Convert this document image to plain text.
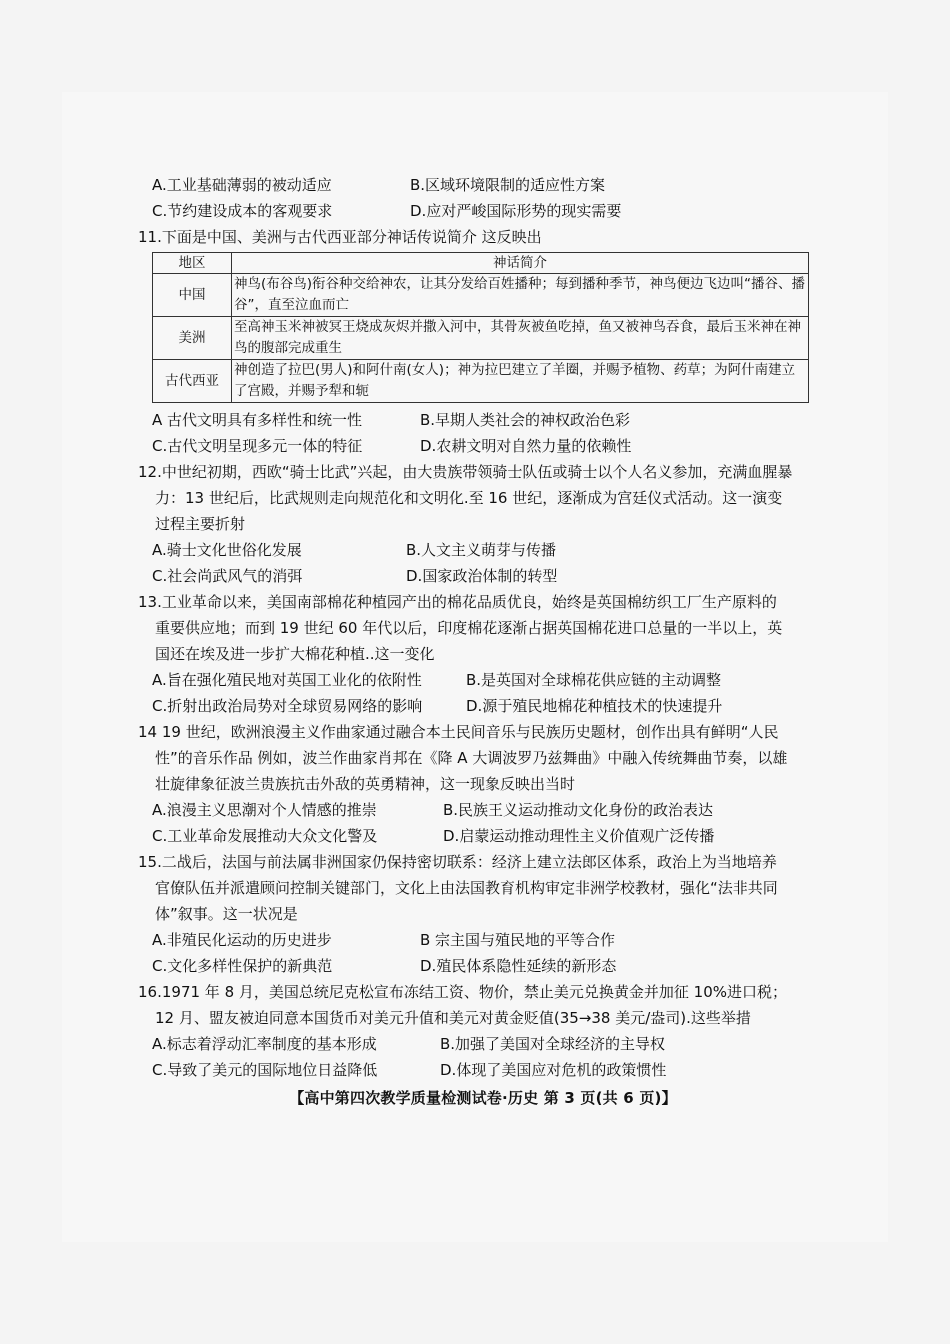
A.工业基础薄弱的被动适应	B.区域环境限制的适应性方案
C.节约建设成本的客观要求	D.应对严峻国际形势的现实需要
11.下面是中国、美洲与古代西亚部分神话传说简介 这反映出
地区	神话简介
中国	神鸟(布谷鸟)衔谷种交给神农，让其分发给百姓播种；每到播种季节，神鸟便边飞边叫“播谷、播谷”，直至泣血而亡
美洲	至高神玉米神被冥王烧成灰烬并撒入河中，其骨灰被鱼吃掉，鱼又被神鸟吞食，最后玉米神在神鸟的腹部完成重生
古代西亚	神创造了拉巴(男人)和阿什南(女人)；神为拉巴建立了羊圈，并赐予植物、药草；为阿什南建立了宫殿，并赐予犁和轭
A 古代文明具有多样性和统一性	B.早期人类社会的神权政治色彩
C.古代文明呈现多元一体的特征	D.农耕文明对自然力量的依赖性
12.中世纪初期，西欧“骑士比武”兴起，由大贵族带领骑士队伍或骑士以个人名义参加，充满血腥暴
力：13 世纪后，比武规则走向规范化和文明化.至 16 世纪，逐渐成为宫廷仪式活动。这一演变
过程主要折射
A.骑士文化世俗化发展	B.人文主义萌芽与传播
C.社会尚武风气的消弭	D.国家政治体制的转型
13.工业革命以来，美国南部棉花种植园产出的棉花品质优良，始终是英国棉纺织工厂生产原料的
重要供应地；而到 19 世纪 60 年代以后，印度棉花逐渐占据英国棉花进口总量的一半以上，英
国还在埃及进一步扩大棉花种植..这一变化
A.旨在强化殖民地对英国工业化的依附性	B.是英国对全球棉花供应链的主动调整
C.折射出政治局势对全球贸易网络的影响	D.源于殖民地棉花种植技术的快速提升
14 19 世纪，欧洲浪漫主义作曲家通过融合本土民间音乐与民族历史题材，创作出具有鲜明“人民
性”的音乐作品 例如，波兰作曲家肖邦在《降 A 大调波罗乃兹舞曲》中融入传统舞曲节奏，以雄
壮旋律象征波兰贵族抗击外敌的英勇精神，这一现象反映出当时
A.浪漫主义思潮对个人情感的推崇	B.民族王义运动推动文化身份的政治表达
C.工业革命发展推动大众文化警及	D.启蒙运动推动理性主义价值观广泛传播
15.二战后，法国与前法属非洲国家仍保持密切联系：经济上建立法郎区体系，政治上为当地培养
官僚队伍并派遣顾问控制关键部门，文化上由法国教育机构审定非洲学校教材，强化“法非共同
体”叙事。这一状况是
A.非殖民化运动的历史进步	B 宗主国与殖民地的平等合作
C.文化多样性保护的新典范	D.殖民体系隐性延续的新形态
16.1971 年 8 月，美国总统尼克松宣布冻结工资、物价，禁止美元兑换黄金并加征 10%进口税；
12 月、盟友被迫同意本国货币对美元升值和美元对黄金贬值(35→38 美元/盎司).这些举措
A.标志着浮动汇率制度的基本形成	B.加强了美国对全球经济的主导权
C.导致了美元的国际地位日益降低	D.体现了美国应对危机的政策惯性
【高中第四次教学质量检测试卷·历史 第 3 页(共 6 页)】
